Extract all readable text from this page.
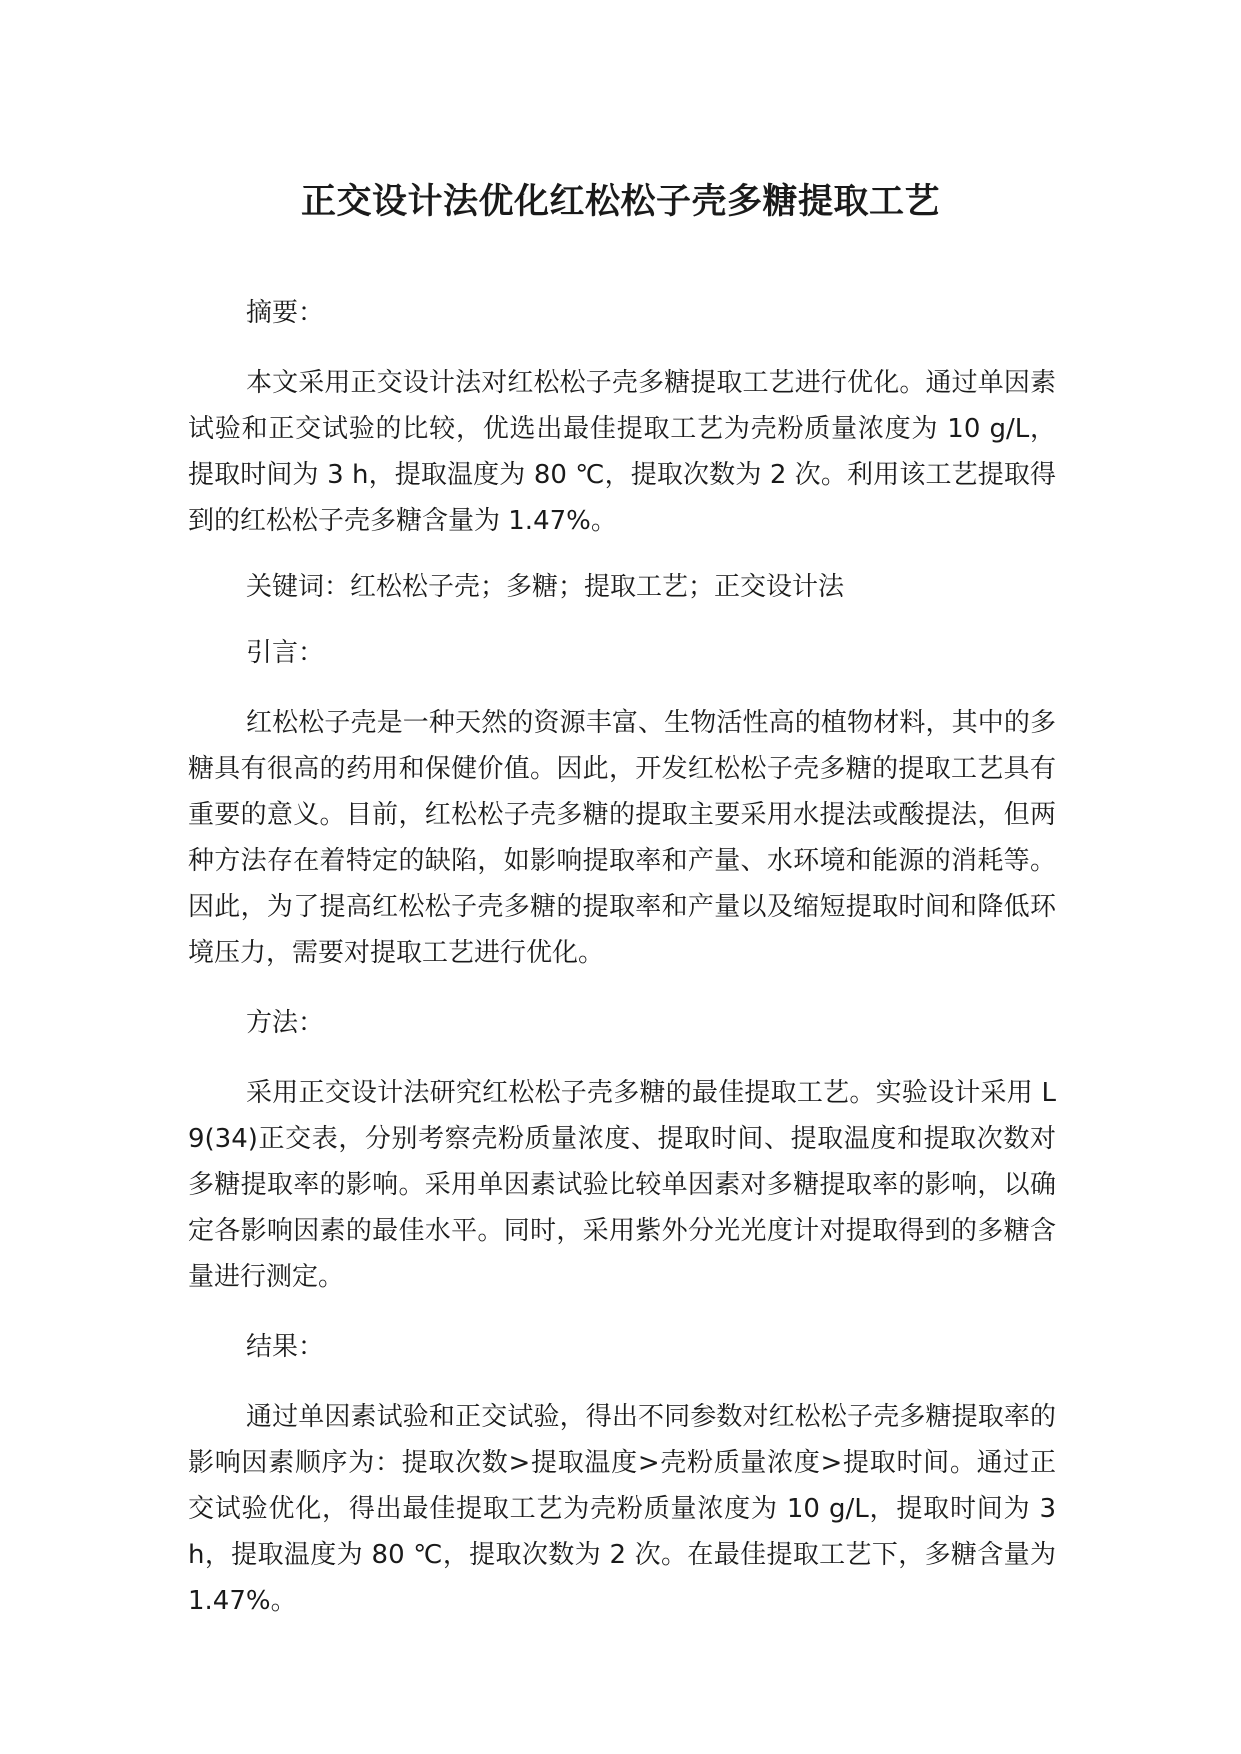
正交设计法优化红松松子壳多糖提取工艺

摘要：

本文采用正交设计法对红松松子壳多糖提取工艺进行优化。通过单因素试验和正交试验的比较，优选出最佳提取工艺为壳粉质量浓度为 10 g/L，提取时间为 3 h，提取温度为 80 ℃，提取次数为 2 次。利用该工艺提取得到的红松松子壳多糖含量为 1.47%。

关键词：红松松子壳；多糖；提取工艺；正交设计法

引言：

红松松子壳是一种天然的资源丰富、生物活性高的植物材料，其中的多糖具有很高的药用和保健价值。因此，开发红松松子壳多糖的提取工艺具有重要的意义。目前，红松松子壳多糖的提取主要采用水提法或酸提法，但两种方法存在着特定的缺陷，如影响提取率和产量、水环境和能源的消耗等。因此，为了提高红松松子壳多糖的提取率和产量以及缩短提取时间和降低环境压力，需要对提取工艺进行优化。

方法：

采用正交设计法研究红松松子壳多糖的最佳提取工艺。实验设计采用 L9(34)正交表，分别考察壳粉质量浓度、提取时间、提取温度和提取次数对多糖提取率的影响。采用单因素试验比较单因素对多糖提取率的影响，以确定各影响因素的最佳水平。同时，采用紫外分光光度计对提取得到的多糖含量进行测定。

结果：

通过单因素试验和正交试验，得出不同参数对红松松子壳多糖提取率的影响因素顺序为：提取次数>提取温度>壳粉质量浓度>提取时间。通过正交试验优化，得出最佳提取工艺为壳粉质量浓度为 10 g/L，提取时间为 3 h，提取温度为 80 ℃，提取次数为 2 次。在最佳提取工艺下，多糖含量为 1.47%。
